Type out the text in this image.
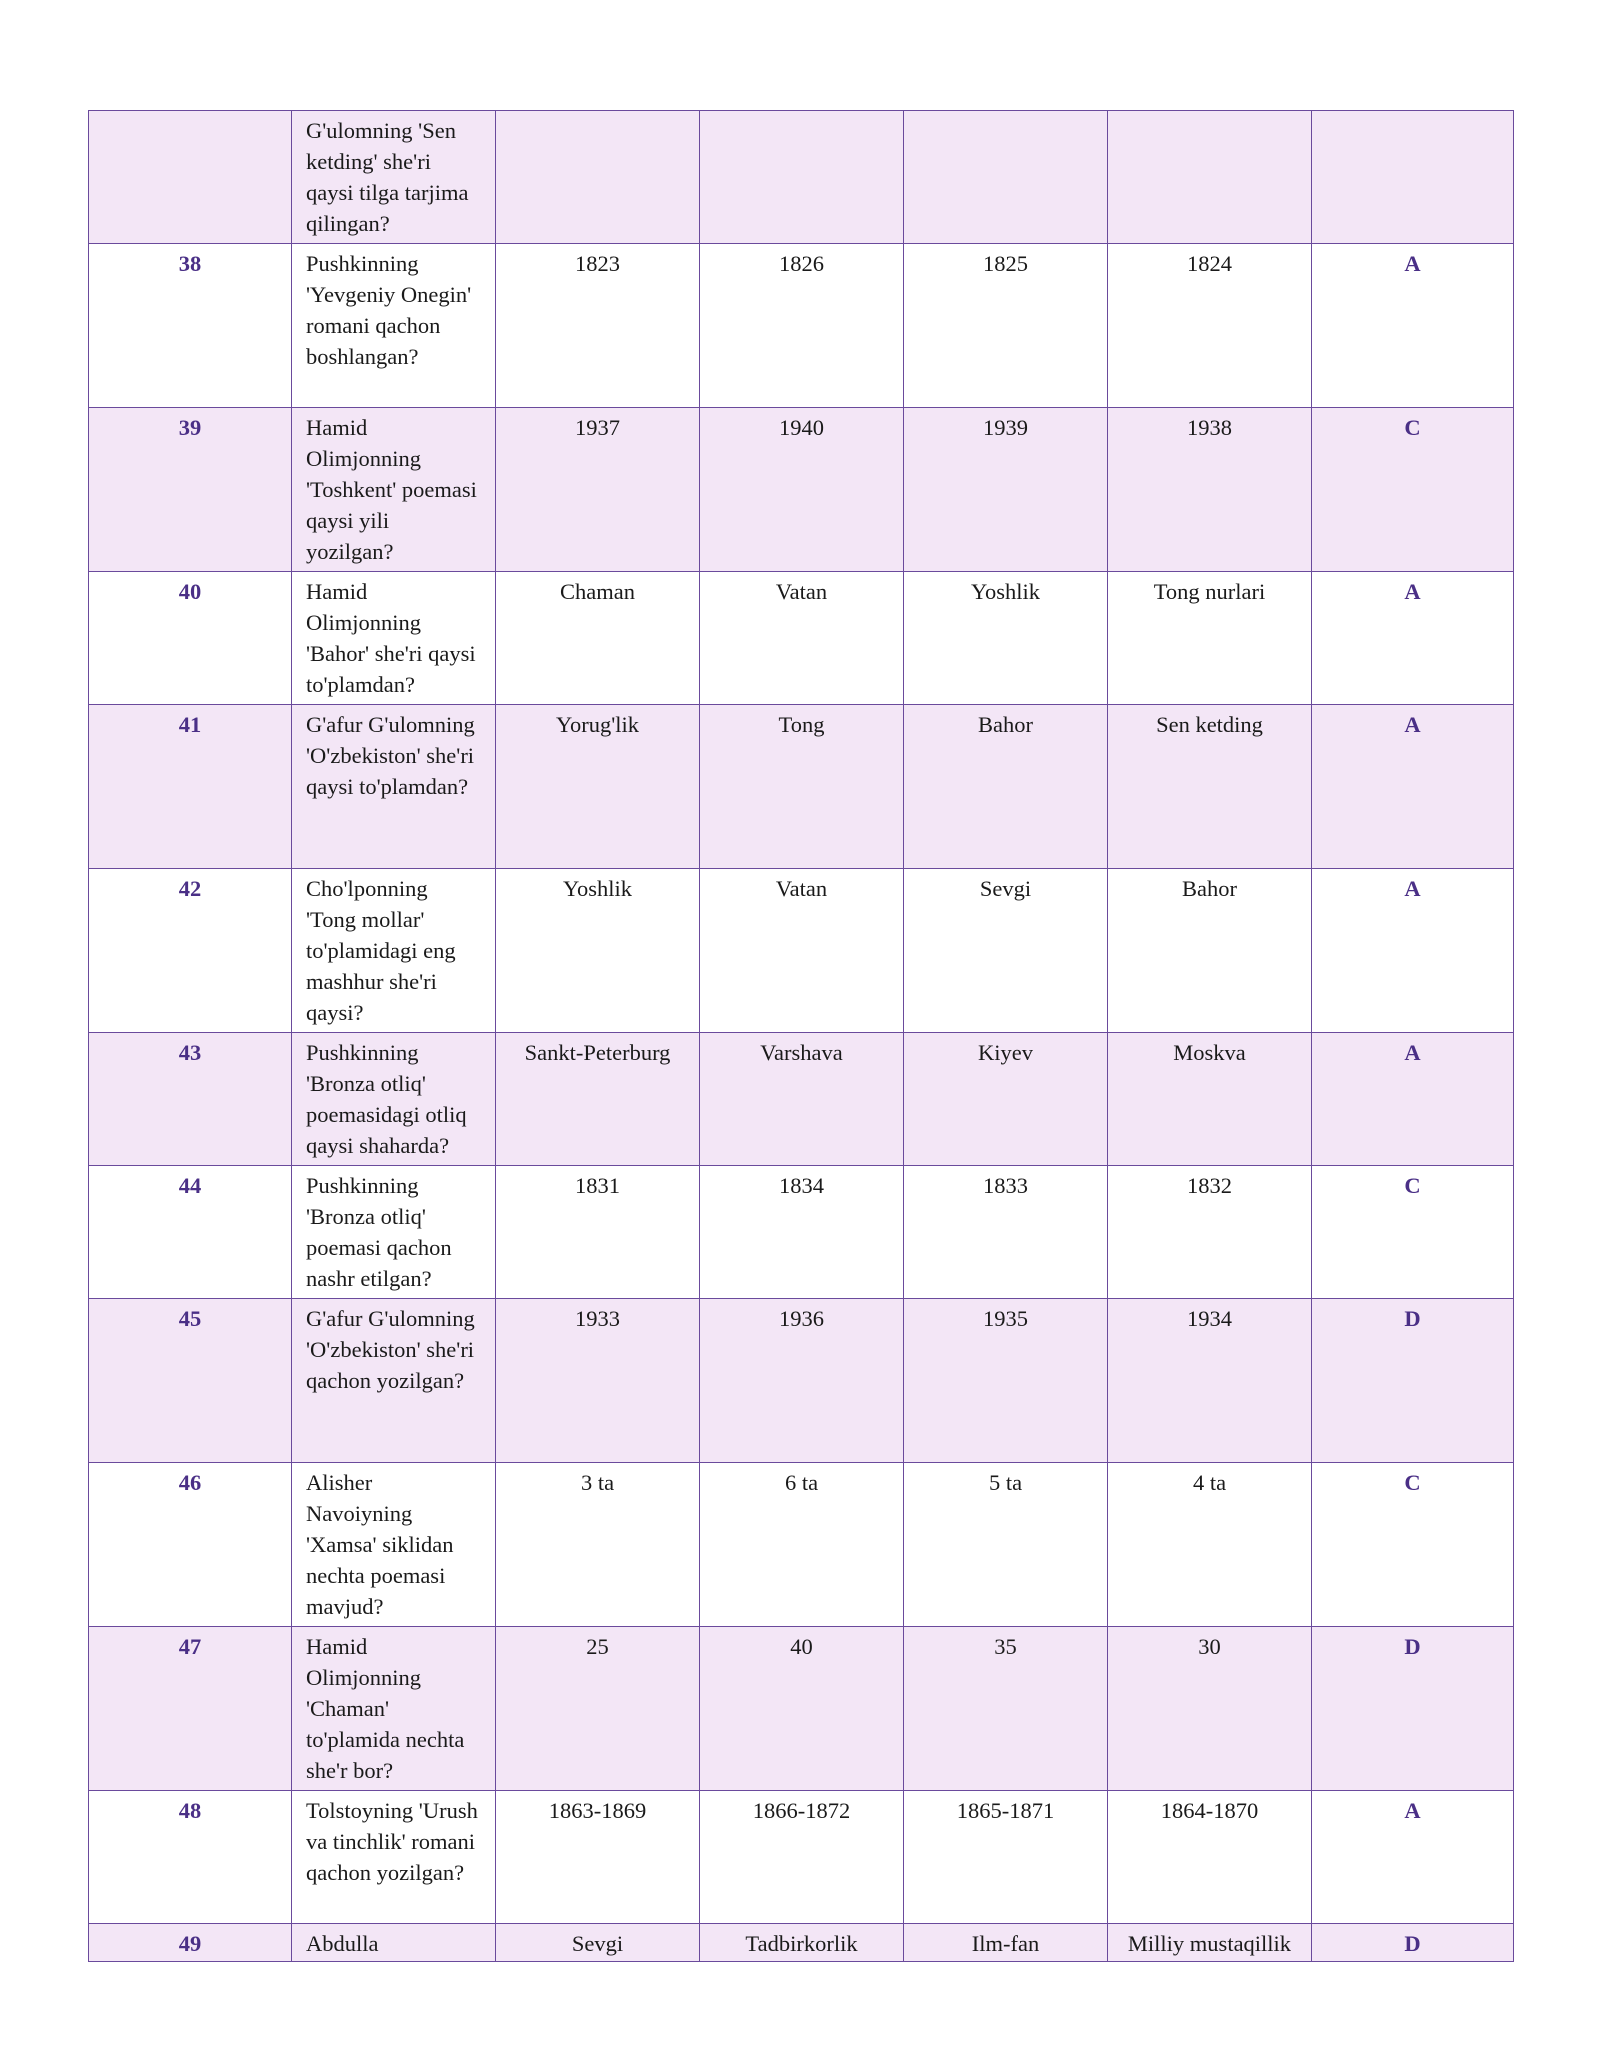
	G'ulomning 'Sen ketding' she'ri qaysi tilga tarjima qilingan?					
38	Pushkinning 'Yevgeniy Onegin' romani qachon boshlangan?	1823	1826	1825	1824	A
39	Hamid Olimjonning 'Toshkent' poemasi qaysi yili yozilgan?	1937	1940	1939	1938	C
40	Hamid Olimjonning 'Bahor' she'ri qaysi to'plamdan?	Chaman	Vatan	Yoshlik	Tong nurlari	A
41	G'afur G'ulomning 'O'zbekiston' she'ri qaysi to'plamdan?	Yorug'lik	Tong	Bahor	Sen ketding	A
42	Cho'lponning 'Tong mollar' to'plamidagi eng mashhur she'ri qaysi?	Yoshlik	Vatan	Sevgi	Bahor	A
43	Pushkinning 'Bronza otliq' poemasidagi otliq qaysi shaharda?	Sankt-Peterburg	Varshava	Kiyev	Moskva	A
44	Pushkinning 'Bronza otliq' poemasi qachon nashr etilgan?	1831	1834	1833	1832	C
45	G'afur G'ulomning 'O'zbekiston' she'ri qachon yozilgan?	1933	1936	1935	1934	D
46	Alisher Navoiyning 'Xamsa' siklidan nechta poemasi mavjud?	3 ta	6 ta	5 ta	4 ta	C
47	Hamid Olimjonning 'Chaman' to'plamida nechta she'r bor?	25	40	35	30	D
48	Tolstoyning 'Urush va tinchlik' romani qachon yozilgan?	1863-1869	1866-1872	1865-1871	1864-1870	A
49	Abdulla	Sevgi	Tadbirkorlik	Ilm-fan	Milliy mustaqillik	D
